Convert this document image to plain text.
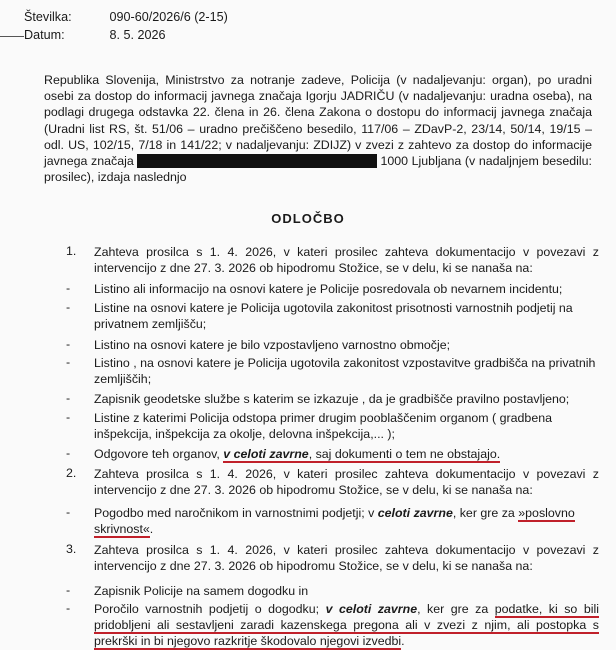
Številka:	090-60/2026/6 (2-15)
Datum:	8. 5. 2026
Republika Slovenija, Ministrstvo za notranje zadeve, Policija (v nadaljevanju: organ), po uradni osebi za dostop do informacij javnega značaja Igorju JADRIČU (v nadaljevanju: uradna oseba), na podlagi drugega odstavka 22. člena in 26. člena Zakona o dostopu do informacij javnega značaja (Uradni list RS, št. 51/06 – uradno prečiščeno besedilo, 117/06 – ZDavP-2, 23/14, 50/14, 19/15 – odl. US, 102/15, 7/18 in 141/22; v nadaljevanju: ZDIJZ) v zvezi z zahtevo za dostop do informacije javnega značaja	1000 Ljubljana (v nadaljnjem besedilu: prosilec), izdaja naslednjo
ODLOČBO
1.	Zahteva prosilca s 1. 4. 2026, v kateri prosilec zahteva dokumentacijo v povezavi z intervencijo z dne 27. 3. 2026 ob hipodromu Stožice, se v delu, ki se nanaša na:
-	Listino ali informacijo na osnovi katere je Policije posredovala ob nevarnem incidentu;
-	Listine na osnovi katere je Policija ugotovila zakonitost prisotnosti varnostnih podjetij na privatnem zemljišču;
-	Listino na osnovi katere je bilo vzpostavljeno varnostno območje;
-	Listino , na osnovi katere je Policija ugotovila zakonitost vzpostavitve gradbišča na privatnih zemljiščih;
-	Zapisnik geodetske službe s katerim se izkazuje , da je gradbišče pravilno postavljeno;
-	Listine z katerimi Policija odstopa primer drugim pooblaščenim organom ( gradbena inšpekcija, inšpekcija za okolje, delovna inšpekcija,... );
-	Odgovore teh organov, v celoti zavrne, saj dokumenti o tem ne obstajajo.
2.	Zahteva prosilca s 1. 4. 2026, v kateri prosilec zahteva dokumentacijo v povezavi z intervencijo z dne 27. 3. 2026 ob hipodromu Stožice, se v delu, ki se nanaša na:
-	Pogodbo med naročnikom in varnostnimi podjetji; v celoti zavrne, ker gre za »poslovno skrivnost«.
3.	Zahteva prosilca s 1. 4. 2026, v kateri prosilec zahteva dokumentacijo v povezavi z intervencijo z dne 27. 3. 2026 ob hipodromu Stožice, se v delu, ki se nanaša na:
-	Zapisnik Policije na samem dogodku in
-	Poročilo varnostnih podjetij o dogodku; v celoti zavrne, ker gre za podatke, ki so bili pridobljeni ali sestavljeni zaradi kazenskega pregona ali v zvezi z njim, ali postopka s prekrški in bi njegovo razkritje škodovalo njegovi izvedbi.
